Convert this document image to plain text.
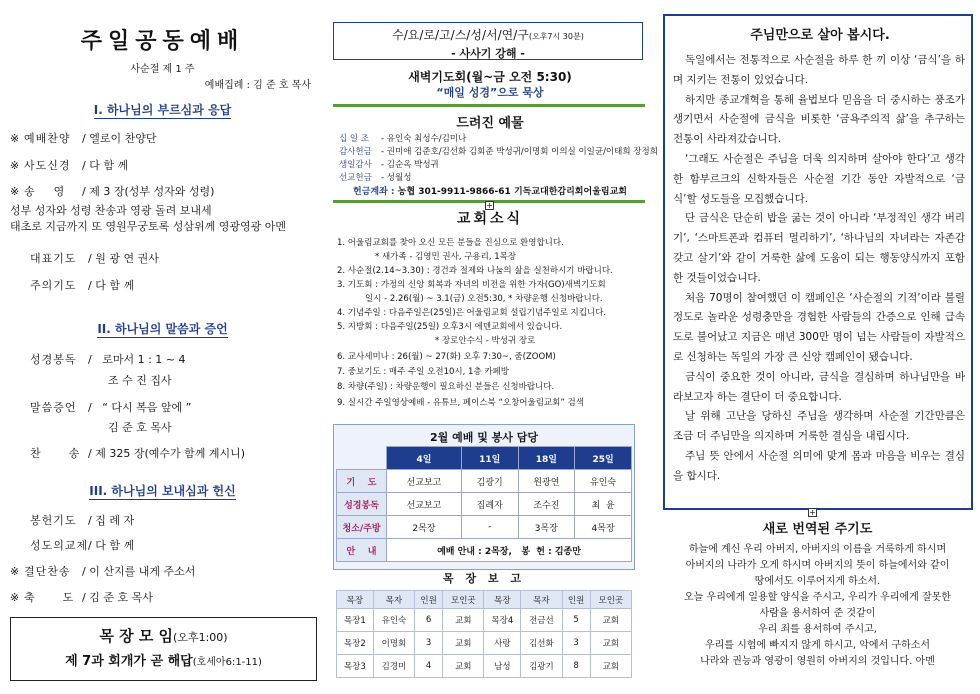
주일공동예배
사순절 제 1 주
예배집례 : 김 준 호 목사
I. 하나님의 부르심과 응답
※ 예배찬양 / 엘로이 찬양단
※ 사도신경 / 다 함 께
※ 송    영 / 제 3 장(성부 성자와 성령)
성부 성자와 성령 찬송과 영광 돌려 보내세
태초로 지금까지 또 영원무궁토록 성삼위께 영광영광 아멘
대표기도 / 원 광 연 권사
주의기도 / 다 함 께
II. 하나님의 말씀과 증언
성경봉독 /   로마서 1 : 1 ~ 4
조 수 진 집사
말씀증언 /   “ 다시 복음 앞에 ”
김 준 호 목사
찬      송 / 제 325 장(예수가 함께 계시니)
III. 하나님의 보내심과 헌신
봉헌기도 / 집 례 자
성도의교제/ 다 함 께
※ 결단찬송 / 이 산지를 내게 주소서
※ 축      도 / 김 준 호 목사
목 장 모 임(오후1:00)
제 7과 회개가 곧 해답(호세아6:1-11)
수/요/로/고/스/성/서/연/구(오후7시 30분)
- 사사기 강해 -
새벽기도회(월~금 오전 5:30)
“매일 성경”으로 묵상
드려진 예물
십 일 조 - 유인숙 최성수/김미나
감사헌금 - 권미애 김준호/김선화 김회준 박성귀/이명회 이의실 이일균/이태희 장정희
생일감사 - 김순옥 박성귀
선교헌금 - 성월성
헌금계좌 : 농협 301-9911-9866-61 기독교대한감리회어울림교회
교회소식
+
1. 어울림교회를 찾아 오신 모든 분들을 진심으로 환영합니다.
* 새가족 - 김영민 권사, 구용리, 1목장
2. 사순절(2.14~3.30) : 경건과 절제와 나눔의 삶을 실천하시기 바랍니다.
3. 기도회 : 가정의 신앙 회복과 자녀의 비전을 위한 가자(GO)새벽기도회
일시 - 2.26(월) ~ 3.1(금) 오전5:30, * 차량운행 신청바랍니다.
4. 기념주일 : 다음주일은(25일)은 어울림교회 설립기념주일로 지킵니다.
5. 지방회 : 다음주일(25일) 오후3시 에덴교회에서 있습니다.
* 장로안수식 - 박성귀 장로
6. 교사세미나 : 26(월) ~ 27(화) 오후 7:30~, 줌(ZOOM)
7. 중보기도 : 매주 주일 오전10시, 1층 카페방
8. 차량(주일) : 차량운행이 필요하신 분들은 신청바랍니다.
9. 실시간 주일영상예배 - 유튜브, 페이스북 “오창어울림교회” 검색
2월 예배 및 봉사 담당
	4일	11일	18일	25일
기    도	선교보고	김광기	원광연	유인숙
성경봉독	선교보고	집례자	조수진	최  윤
청소/주방	2목장	-	3목장	4목장
안    내	예배 안내 : 2목장,   봉  헌 : 김종만			
목 장 보 고
목장	목자	인원	모인곳	목장	목자	인원	모인곳
목장1	유인숙	6	교회	목장4	전금선	5	교회
목장2	이명회	3	교회	사랑	김선화	3	교회
목장3	김경미	4	교회	남성	김광기	8	교회
주님만으로 살아 봅시다.

독일에서는 전통적으로 사순절을 하루 한 끼 이상 ‘금식’을 하며 지키는 전통이 있었습니다.

하지만 종교개혁을 통해 율법보다 믿음을 더 중시하는 풍조가 생기면서 사순절에 금식을 비롯한 ‘금욕주의적 삶’을 추구하는 전통이 사라져갔습니다.

‘그래도 사순절은 주님을 더욱 의지하며 살아야 한다’고 생각한 함부르크의 신학자들은 사순절 기간 동안 자발적으로 ‘금식’할 성도들을 모집했습니다.

단 금식은 단순히 밥을 굶는 것이 아니라 ‘부정적인 생각 버리기’, ‘스마트폰과 컴퓨터 멀리하기’, ‘하나님의 자녀라는 자존감 갖고 살기’와 같이 거룩한 삶에 도움이 되는 행동양식까지 포함한 것들이었습니다.

처음 70명이 참여했던 이 캠페인은 ‘사순절의 기적’이라 불릴 정도로 놀라운 성령충만을 경험한 사람들의 간증으로 인해 급속도로 불어났고 지금은 매년 300만 명이 넘는 사람들이 자발적으로 신청하는 독일의 가장 큰 신앙 캠페인이 됐습니다.

금식이 중요한 것이 아니라, 금식을 결심하며 하나님만을 바라보고자 하는 결단이 더 중요합니다.

날 위해 고난을 당하신 주님을 생각하며 사순절 기간만큼은 조금 더 주님만을 의지하며 거룩한 결심을 내립시다.

주님 뜻 안에서 사순절 의미에 맞게 몸과 마음을 비우는 결심을 합시다.

+
새로 번역된 주기도
하늘에 계신 우리 아버지, 아버지의 이름을 거룩하게 하시며
아버지의 나라가 오게 하시며 아버지의 뜻이 하늘에서와 같이
땅에서도 이루어지게 하소서.
오늘 우리에게 일용할 양식을 주시고, 우리가 우리에게 잘못한
사람을 용서하여 준 것같이
우리 죄를 용서하여 주시고,
우리를 시험에 빠지지 않게 하시고, 악에서 구하소서
나라와 권능과 영광이 영원히 아버지의 것입니다. 아멘
